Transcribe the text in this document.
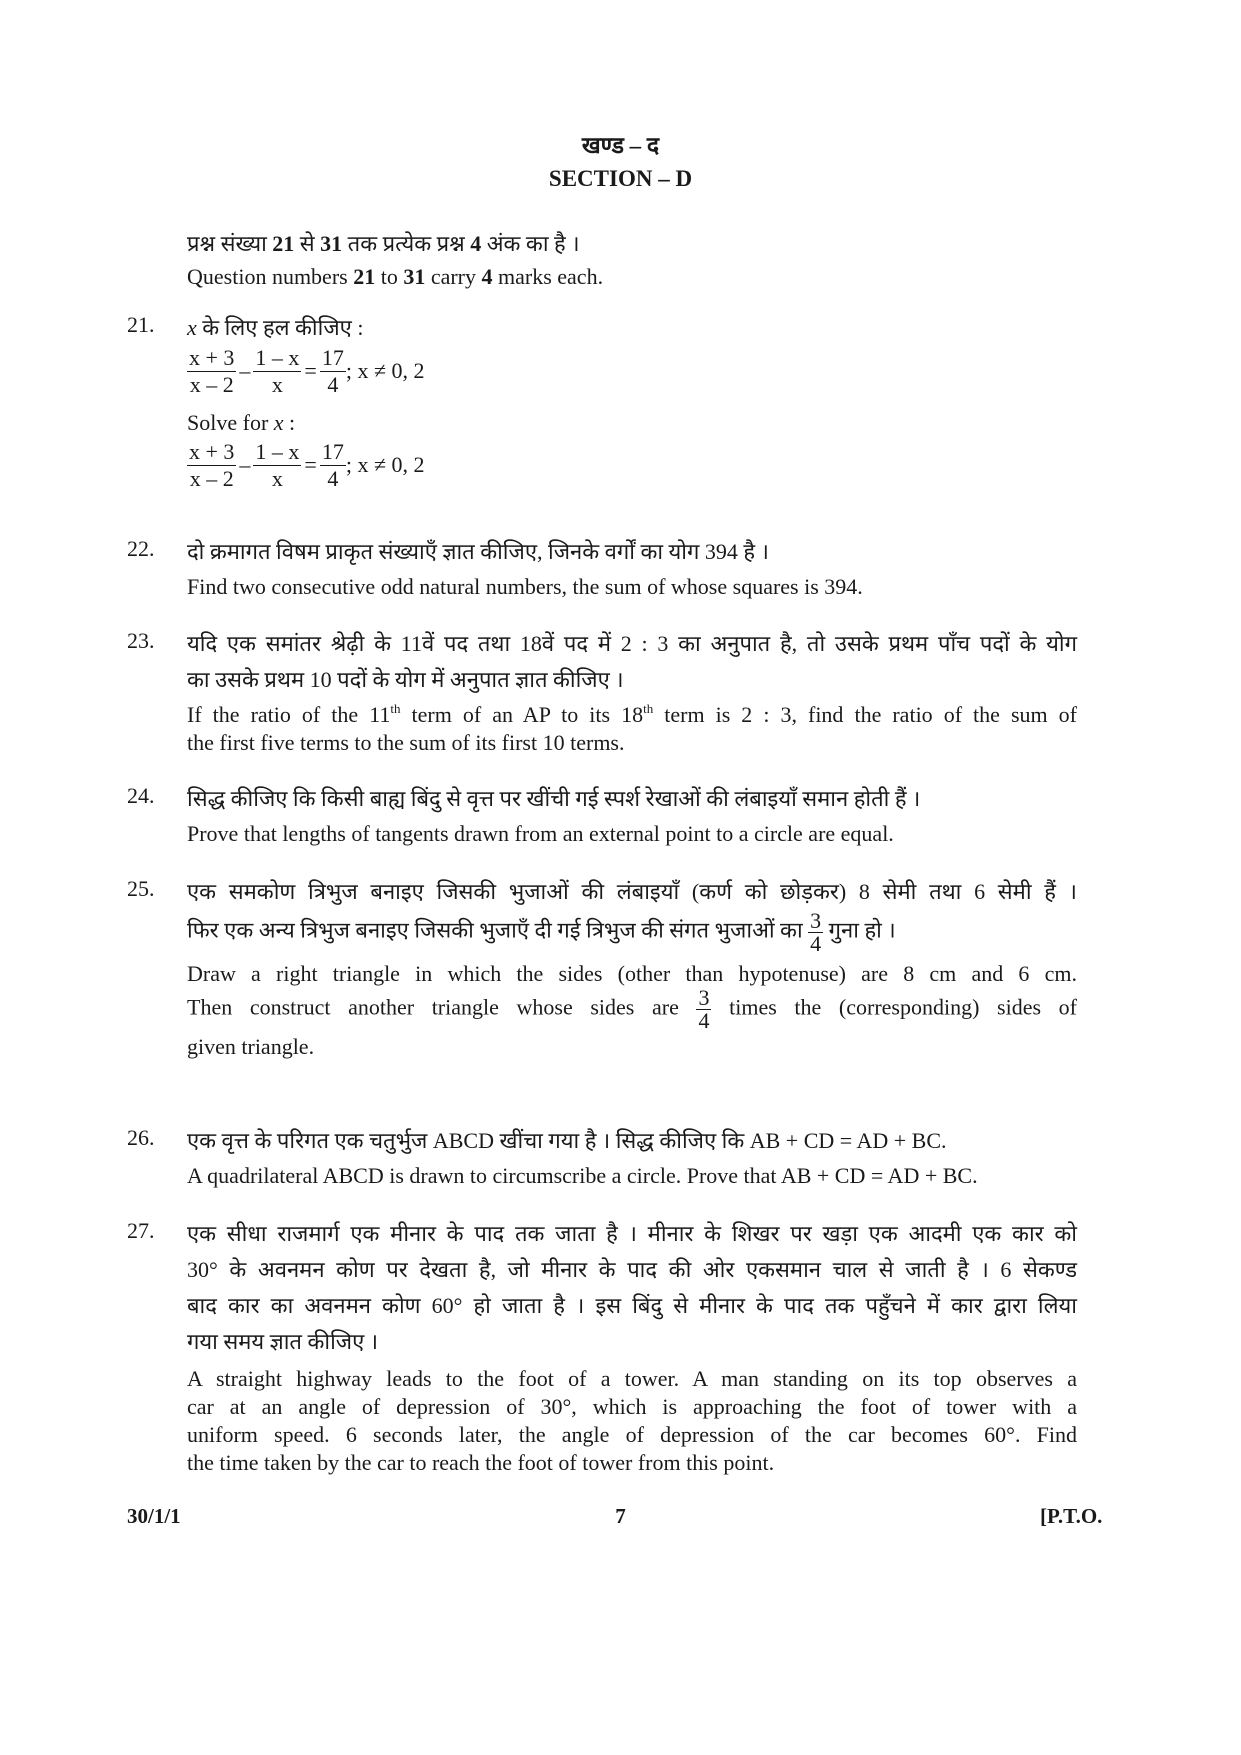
खण्ड – द
SECTION – D
प्रश्न संख्या 21 से 31 तक प्रत्येक प्रश्न 4 अंक का है ।
Question numbers 21 to 31 carry 4 marks each.
21.	x के लिए हल कीजिए :
$\frac{x + 3}{x - 2} - \frac{1 - x}{x} = \frac{17}{4}$ ; x ≠ 0, 2
Solve for x :
$\frac{x + 3}{x - 2} - \frac{1 - x}{x} = \frac{17}{4}$ ; x ≠ 0, 2
22.	दो क्रमागत विषम प्राकृत संख्याएँ ज्ञात कीजिए, जिनके वर्गों का योग 394 है ।
Find two consecutive odd natural numbers, the sum of whose squares is 394.
23.	यदि एक समांतर श्रेढ़ी के 11वें पद तथा 18वें पद में 2 : 3 का अनुपात है, तो उसके प्रथम पाँच पदों के योग
का उसके प्रथम 10 पदों के योग में अनुपात ज्ञात कीजिए ।
If the ratio of the 11th term of an AP to its 18th term is 2 : 3, find the ratio of the sum of
the first five terms to the sum of its first 10 terms.
24.	सिद्ध कीजिए कि किसी बाह्य बिंदु से वृत्त पर खींची गई स्पर्श रेखाओं की लंबाइयाँ समान होती हैं ।
Prove that lengths of tangents drawn from an external point to a circle are equal.
25.	एक समकोण त्रिभुज बनाइए जिसकी भुजाओं की लंबाइयाँ (कर्ण को छोड़कर) 8 सेमी तथा 6 सेमी हैं ।
फिर एक अन्य त्रिभुज बनाइए जिसकी भुजाएँ दी गई त्रिभुज की संगत भुजाओं का $\frac{3}{4}$ गुना हो ।
Draw a right triangle in which the sides (other than hypotenuse) are 8 cm and 6 cm.
Then construct another triangle whose sides are $\frac{3}{4}$ times the (corresponding) sides of
given triangle.
26.	एक वृत्त के परिगत एक चतुर्भुज ABCD खींचा गया है । सिद्ध कीजिए कि AB + CD = AD + BC.
A quadrilateral ABCD is drawn to circumscribe a circle. Prove that AB + CD = AD + BC.
27.	एक सीधा राजमार्ग एक मीनार के पाद तक जाता है । मीनार के शिखर पर खड़ा एक आदमी एक कार को
30° के अवनमन कोण पर देखता है, जो मीनार के पाद की ओर एकसमान चाल से जाती है । 6 सेकण्ड
बाद कार का अवनमन कोण 60° हो जाता है । इस बिंदु से मीनार के पाद तक पहुँचने में कार द्वारा लिया
गया समय ज्ञात कीजिए ।
A straight highway leads to the foot of a tower. A man standing on its top observes a
car at an angle of depression of 30°, which is approaching the foot of tower with a
uniform speed. 6 seconds later, the angle of depression of the car becomes 60°. Find
the time taken by the car to reach the foot of tower from this point.
30/1/1	7	[P.T.O.
